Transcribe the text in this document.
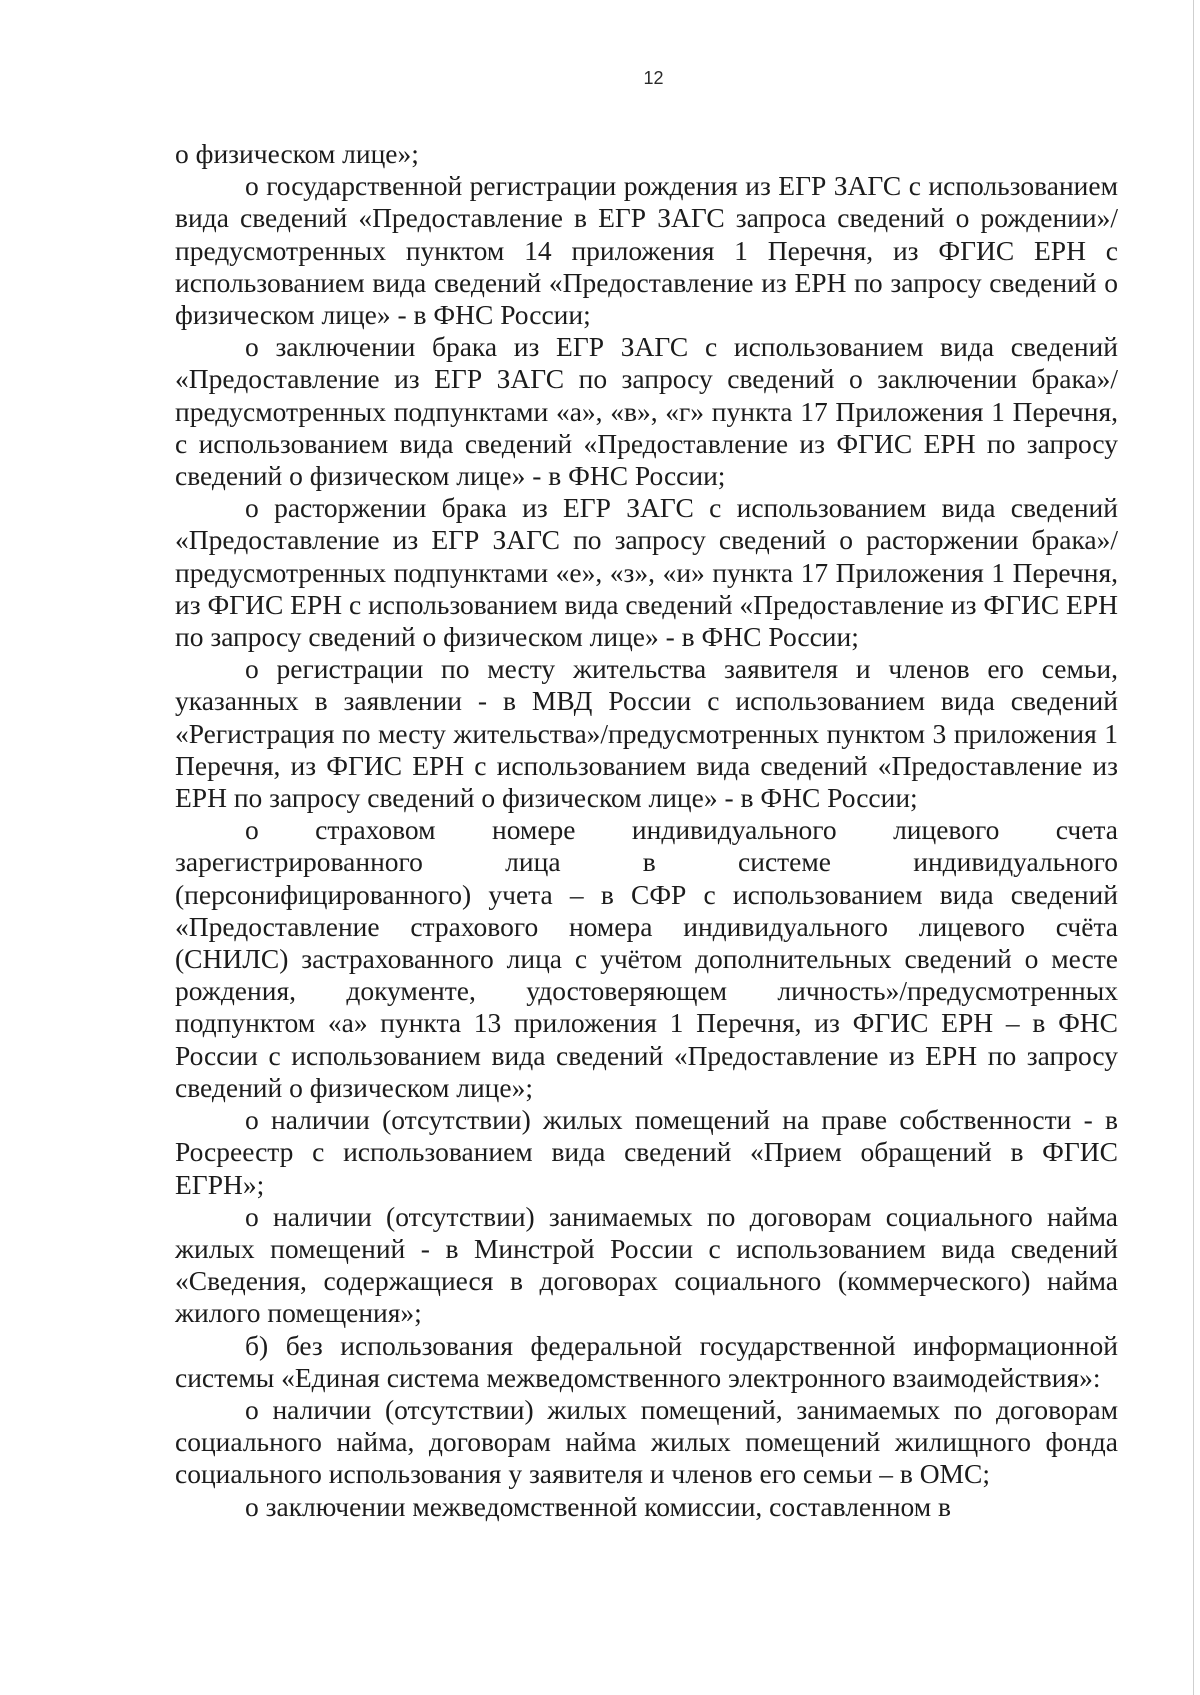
12

о физическом лице»;

о государственной регистрации рождения из ЕГР ЗАГС с использованием вида сведений «Предоставление в ЕГР ЗАГС запроса сведений о рождении»/предусмотренных пунктом 14 приложения 1 Перечня, из ФГИС ЕРН с использованием вида сведений «Предоставление из ЕРН по запросу сведений о физическом лице» - в ФНС России;

о заключении брака из ЕГР ЗАГС с использованием вида сведений «Предоставление из ЕГР ЗАГС по запросу сведений о заключении брака»/предусмотренных подпунктами «а», «в», «г» пункта 17 Приложения 1 Перечня, с использованием вида сведений «Предоставление из ФГИС ЕРН по запросу сведений о физическом лице» - в ФНС России;

о расторжении брака из ЕГР ЗАГС с использованием вида сведений «Предоставление из ЕГР ЗАГС по запросу сведений о расторжении брака»/предусмотренных подпунктами «е», «з», «и» пункта 17 Приложения 1 Перечня, из ФГИС ЕРН с использованием вида сведений «Предоставление из ФГИС ЕРН по запросу сведений о физическом лице» - в ФНС России;

о регистрации по месту жительства заявителя и членов его семьи, указанных в заявлении - в МВД России с использованием вида сведений «Регистрация по месту жительства»/предусмотренных пунктом 3 приложения 1 Перечня, из ФГИС ЕРН с использованием вида сведений «Предоставление из ЕРН по запросу сведений о физическом лице» - в ФНС России;

о страховом номере индивидуального лицевого счета зарегистрированного лица в системе индивидуального (персонифицированного) учета – в СФР с использованием вида сведений «Предоставление страхового номера индивидуального лицевого счёта (СНИЛС) застрахованного лица с учётом дополнительных сведений о месте рождения, документе, удостоверяющем личность»/предусмотренных подпунктом «а» пункта 13 приложения 1 Перечня, из ФГИС ЕРН – в ФНС России с использованием вида сведений «Предоставление из ЕРН по запросу сведений о физическом лице»;

о наличии (отсутствии) жилых помещений на праве собственности - в Росреестр с использованием вида сведений «Прием обращений в ФГИС ЕГРН»;

о наличии (отсутствии) занимаемых по договорам социального найма жилых помещений - в Минстрой России с использованием вида сведений «Сведения, содержащиеся в договорах социального (коммерческого) найма жилого помещения»;

б) без использования федеральной государственной информационной системы «Единая система межведомственного электронного взаимодействия»:

о наличии (отсутствии) жилых помещений, занимаемых по договорам социального найма, договорам найма жилых помещений жилищного фонда социального использования у заявителя и членов его семьи – в ОМС;

о заключении межведомственной комиссии, составленном в
